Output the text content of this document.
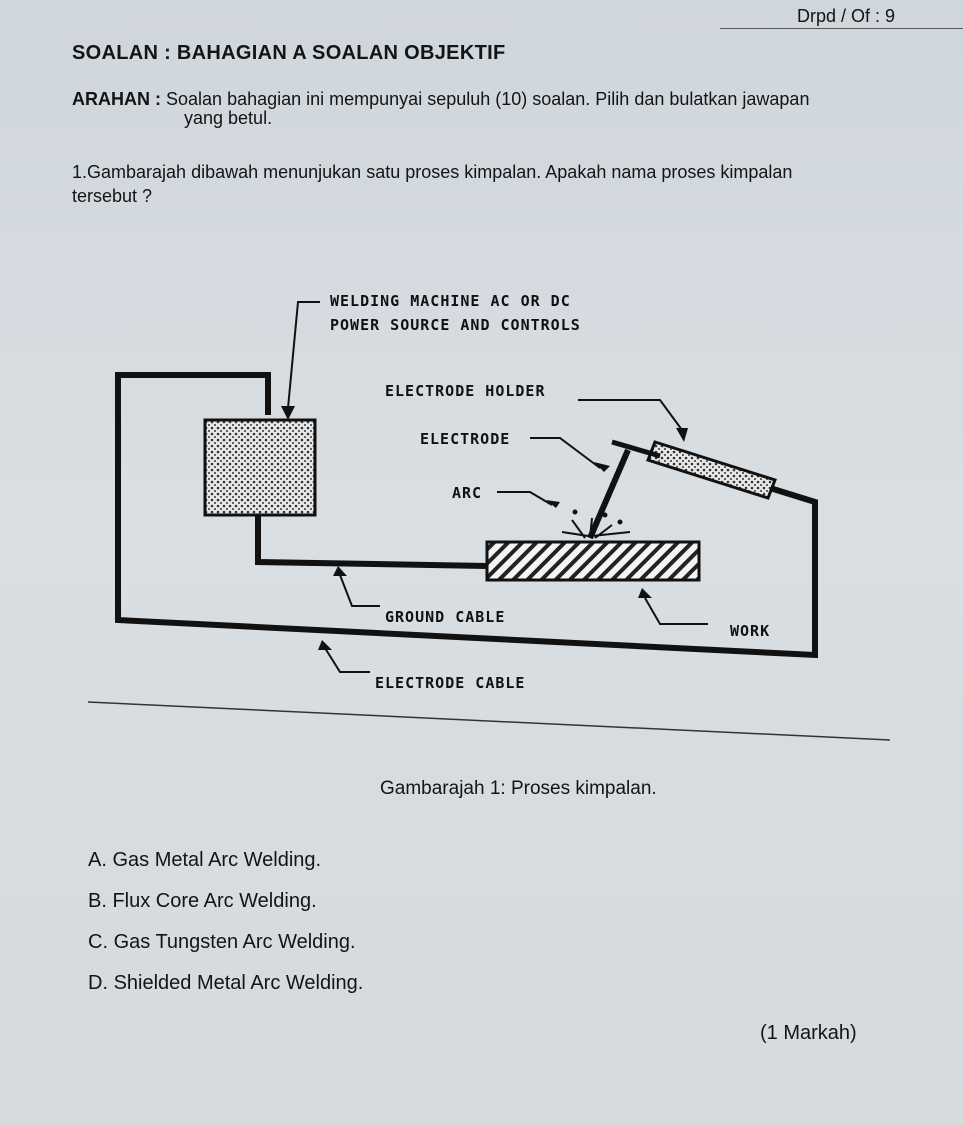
Drpd / Of : 9
SOALAN : BAHAGIAN A SOALAN OBJEKTIF
ARAHAN : Soalan bahagian ini mempunyai sepuluh (10) soalan. Pilih dan bulatkan jawapan
yang betul.
1.Gambarajah dibawah menunjukan satu proses kimpalan. Apakah nama proses kimpalan tersebut ?
WELDING MACHINE AC OR DC
POWER SOURCE AND CONTROLS
ELECTRODE HOLDER
ELECTRODE
ARC
GROUND CABLE
WORK
ELECTRODE CABLE
Gambarajah 1: Proses kimpalan.
A. Gas Metal Arc Welding.
B. Flux Core Arc Welding.
C. Gas Tungsten Arc Welding.
D. Shielded Metal Arc Welding.
(1 Markah)
